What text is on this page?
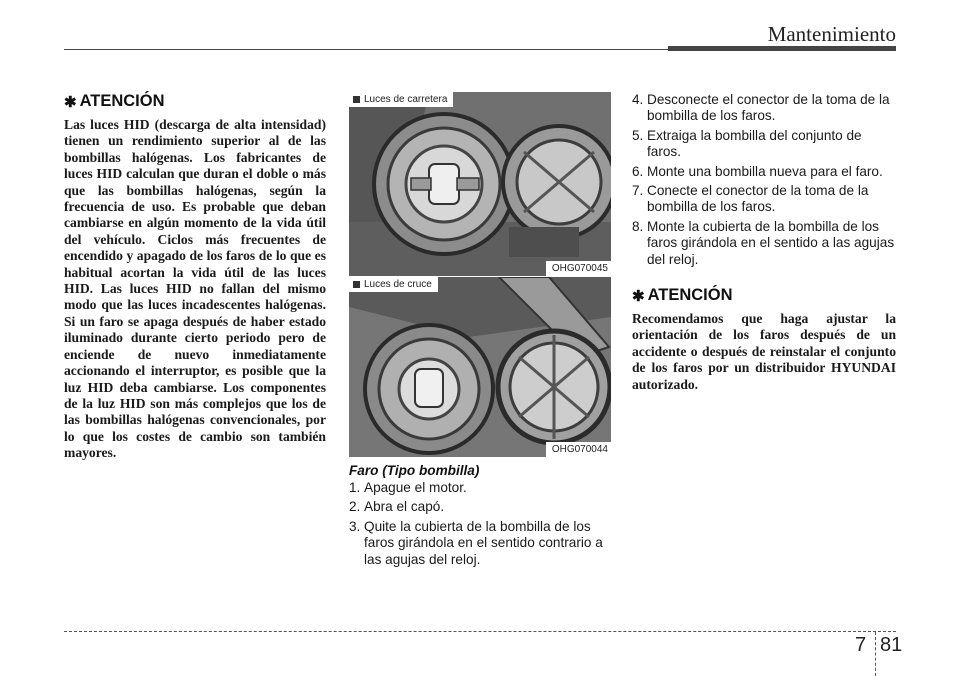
Mantenimiento
✱ ATENCIÓN

Las luces HID (descarga de alta intensidad) tienen un rendimiento superior al de las bombillas halógenas. Los fabricantes de luces HID calculan que duran el doble o más que las bombillas halógenas, según la frecuencia de uso. Es probable que deban cambiarse en algún momento de la vida útil del vehículo. Ciclos más frecuentes de encendido y apagado de los faros de lo que es habitual acortan la vida útil de las luces HID. Las luces HID no fallan del mismo modo que las luces incadescentes halógenas. Si un faro se apaga después de haber estado iluminado durante cierto periodo pero de enciende de nuevo inmediatamente accionando el interruptor, es posible que la luz HID deba cambiarse. Los componentes de la luz HID son más complejos que los de las bombillas halógenas convencionales, por lo que los costes de cambio son también mayores.

Luces de carretera
OHG070045
Luces de cruce
OHG070044
Faro (Tipo bombilla)
1. Apague el motor.
2. Abra el capó.
3. Quite la cubierta de la bombilla de los faros girándola en el sentido contrario a las agujas del reloj.
4. Desconecte el conector de la toma de la bombilla de los faros.
5. Extraiga la bombilla del conjunto de faros.
6. Monte una bombilla nueva para el faro.
7. Conecte el conector de la toma de la bombilla de los faros.
8. Monte la cubierta de la bombilla de los faros girándola en el sentido a las agujas del reloj.
✱ ATENCIÓN

Recomendamos que haga ajustar la orientación de los faros después de un accidente o después de reinstalar el conjunto de los faros por un distribuidor HYUNDAI autorizado.

7 81
